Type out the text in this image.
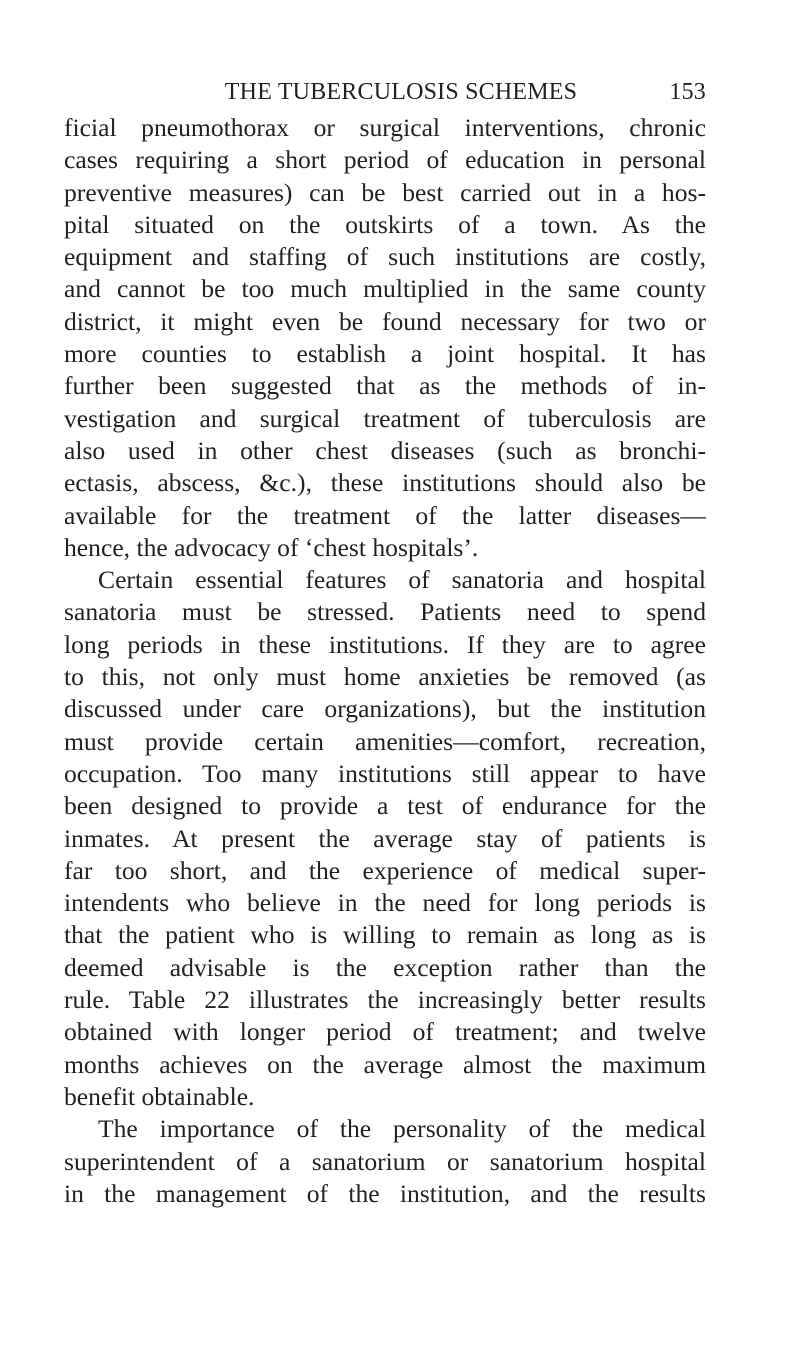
THE TUBERCULOSIS SCHEMES	153
ficial pneumothorax or surgical interventions, chronic
cases requiring a short period of education in personal
preventive measures) can be best carried out in a hos-
pital situated on the outskirts of a town. As the
equipment and staffing of such institutions are costly,
and cannot be too much multiplied in the same county
district, it might even be found necessary for two or
more counties to establish a joint hospital. It has
further been suggested that as the methods of in-
vestigation and surgical treatment of tuberculosis are
also used in other chest diseases (such as bronchi-
ectasis, abscess, &c.), these institutions should also be
available for the treatment of the latter diseases—
hence, the advocacy of ‘chest hospitals’.
Certain essential features of sanatoria and hospital
sanatoria must be stressed. Patients need to spend
long periods in these institutions. If they are to agree
to this, not only must home anxieties be removed (as
discussed under care organizations), but the institution
must provide certain amenities—comfort, recreation,
occupation. Too many institutions still appear to have
been designed to provide a test of endurance for the
inmates. At present the average stay of patients is
far too short, and the experience of medical super-
intendents who believe in the need for long periods is
that the patient who is willing to remain as long as is
deemed advisable is the exception rather than the
rule. Table 22 illustrates the increasingly better results
obtained with longer period of treatment; and twelve
months achieves on the average almost the maximum
benefit obtainable.
The importance of the personality of the medical
superintendent of a sanatorium or sanatorium hospital
in the management of the institution, and the results
